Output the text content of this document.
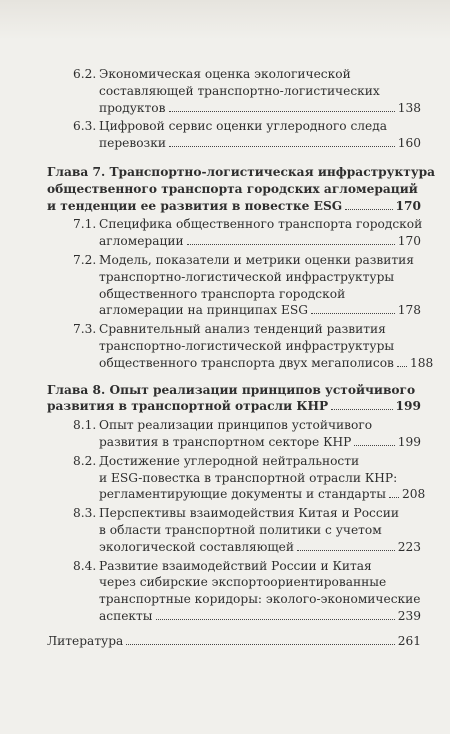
6.2. Экономическая оценка экологической
составляющей транспортно-логистических
продуктов	138
6.3. Цифровой сервис оценки углеродного следа
перевозки	160
Глава 7. Транспортно-логистическая инфраструктура
общественного транспорта городских агломераций
и тенденции ее развития в повестке ESG	170
7.1. Специфика общественного транспорта городской
агломерации	170
7.2. Модель, показатели и метрики оценки развития
транспортно-логистической инфраструктуры
общественного транспорта городской
агломерации на принципах ESG	178
7.3. Сравнительный анализ тенденций развития
транспортно-логистической инфраструктуры
общественного транспорта двух мегаполисов 188
Глава 8. Опыт реализации принципов устойчивого
развития в транспортной отрасли КНР	199
8.1. Опыт реализации принципов устойчивого
развития в транспортном секторе КНР	199
8.2. Достижение углеродной нейтральности
и ESG-повестка в транспортной отрасли КНР:
регламентирующие документы и стандарты 208
8.3. Перспективы взаимодействия Китая и России
в области транспортной политики с учетом
экологической составляющей	223
8.4. Развитие взаимодействий России и Китая
через сибирские экспортоориентированные
транспортные коридоры: эколого-экономические
аспекты	239
Литература	261
